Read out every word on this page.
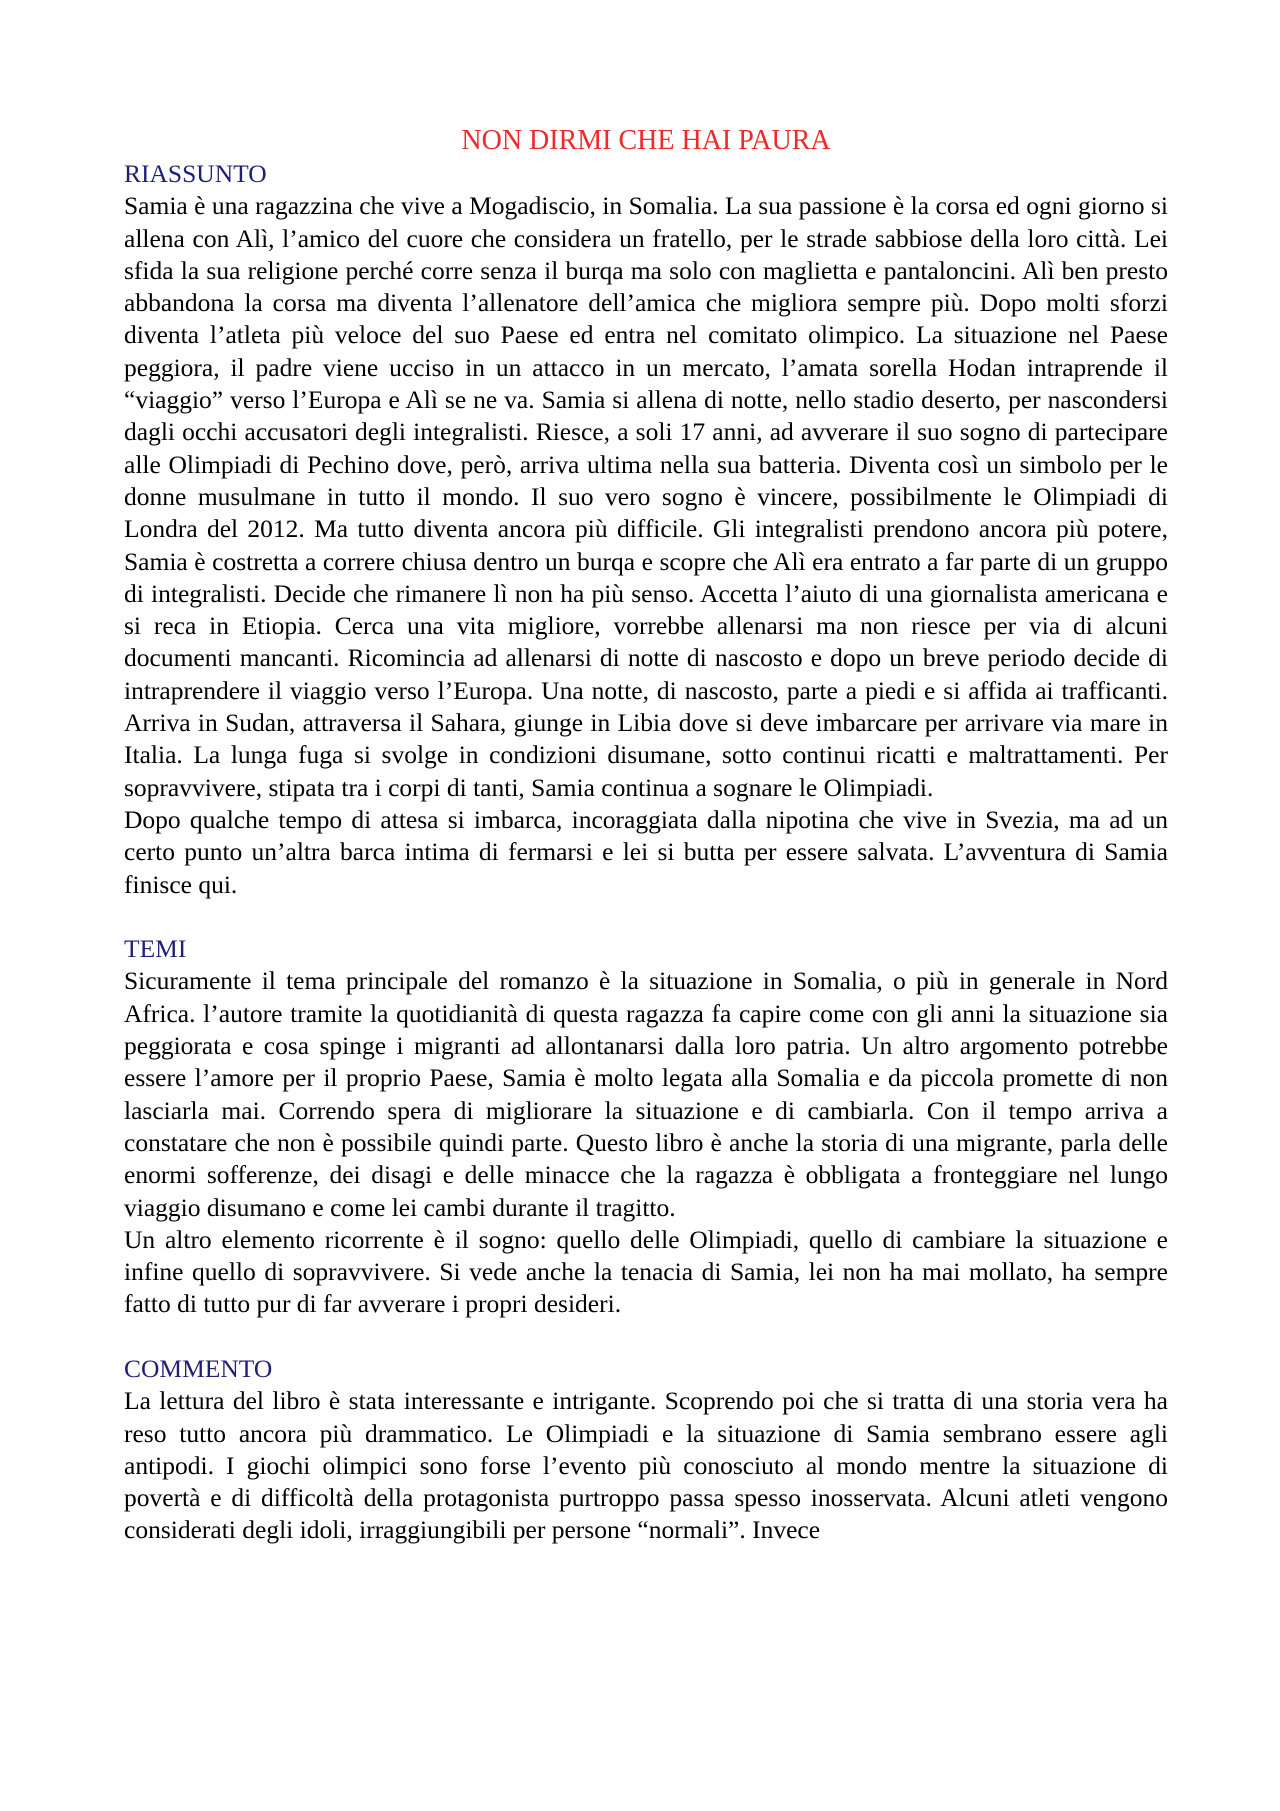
NON DIRMI CHE HAI PAURA
RIASSUNTO

Samia è una ragazzina che vive a Mogadiscio, in Somalia. La sua passione è la corsa ed ogni giorno si allena con Alì, l’amico del cuore che considera un fratello, per le strade sabbiose della loro città. Lei sfida la sua religione perché corre senza il burqa ma solo con maglietta e pantaloncini. Alì ben presto abbandona la corsa ma diventa l’allenatore dell’amica che migliora sempre più. Dopo molti sforzi diventa l’atleta più veloce del suo Paese ed entra nel comitato olimpico. La situazione nel Paese peggiora, il padre viene ucciso in un attacco in un mercato, l’amata sorella Hodan intraprende il “viaggio” verso l’Europa e Alì se ne va. Samia si allena di notte, nello stadio deserto, per nascondersi dagli occhi accusatori degli integralisti. Riesce, a soli 17 anni, ad avverare il suo sogno di partecipare alle Olimpiadi di Pechino dove, però, arriva ultima nella sua batteria. Diventa così un simbolo per le donne musulmane in tutto il mondo. Il suo vero sogno è vincere, possibilmente le Olimpiadi di Londra del 2012. Ma tutto diventa ancora più difficile. Gli integralisti prendono ancora più potere, Samia è costretta a correre chiusa dentro un burqa e scopre che Alì era entrato a far parte di un gruppo di integralisti. Decide che rimanere lì non ha più senso. Accetta l’aiuto di una giornalista americana e si reca in Etiopia. Cerca una vita migliore, vorrebbe allenarsi ma non riesce per via di alcuni documenti mancanti. Ricomincia ad allenarsi di notte di nascosto e dopo un breve periodo decide di intraprendere il viaggio verso l’Europa. Una notte, di nascosto, parte a piedi e si affida ai trafficanti. Arriva in Sudan, attraversa il Sahara, giunge in Libia dove si deve imbarcare per arrivare via mare in Italia. La lunga fuga si svolge in condizioni disumane, sotto continui ricatti e maltrattamenti. Per sopravvivere, stipata tra i corpi di tanti, Samia continua a sognare le Olimpiadi.

Dopo qualche tempo di attesa si imbarca, incoraggiata dalla nipotina che vive in Svezia, ma ad un certo punto un’altra barca intima di fermarsi e lei si butta per essere salvata. L’avventura di Samia finisce qui.

TEMI

Sicuramente il tema principale del romanzo è la situazione in Somalia, o più in generale in Nord Africa. l’autore tramite la quotidianità di questa ragazza fa capire come con gli anni la situazione sia peggiorata e cosa spinge i migranti ad allontanarsi dalla loro patria. Un altro argomento potrebbe essere l’amore per il proprio Paese, Samia è molto legata alla Somalia e da piccola promette di non lasciarla mai. Correndo spera di migliorare la situazione e di cambiarla. Con il tempo arriva a constatare che non è possibile quindi parte. Questo libro è anche la storia di una migrante, parla delle enormi sofferenze, dei disagi e delle minacce che la ragazza è obbligata a fronteggiare nel lungo viaggio disumano e come lei cambi durante il tragitto.

Un altro elemento ricorrente è il sogno: quello delle Olimpiadi, quello di cambiare la situazione e infine quello di sopravvivere. Si vede anche la tenacia di Samia, lei non ha mai mollato, ha sempre fatto di tutto pur di far avverare i propri desideri.

COMMENTO

La lettura del libro è stata interessante e intrigante. Scoprendo poi che si tratta di una storia vera ha reso tutto ancora più drammatico. Le Olimpiadi e la situazione di Samia sembrano essere agli antipodi. I giochi olimpici sono forse l’evento più conosciuto al mondo mentre la situazione di povertà e di difficoltà della protagonista purtroppo passa spesso inosservata. Alcuni atleti vengono considerati degli idoli, irraggiungibili per persone “normali”. Invece
